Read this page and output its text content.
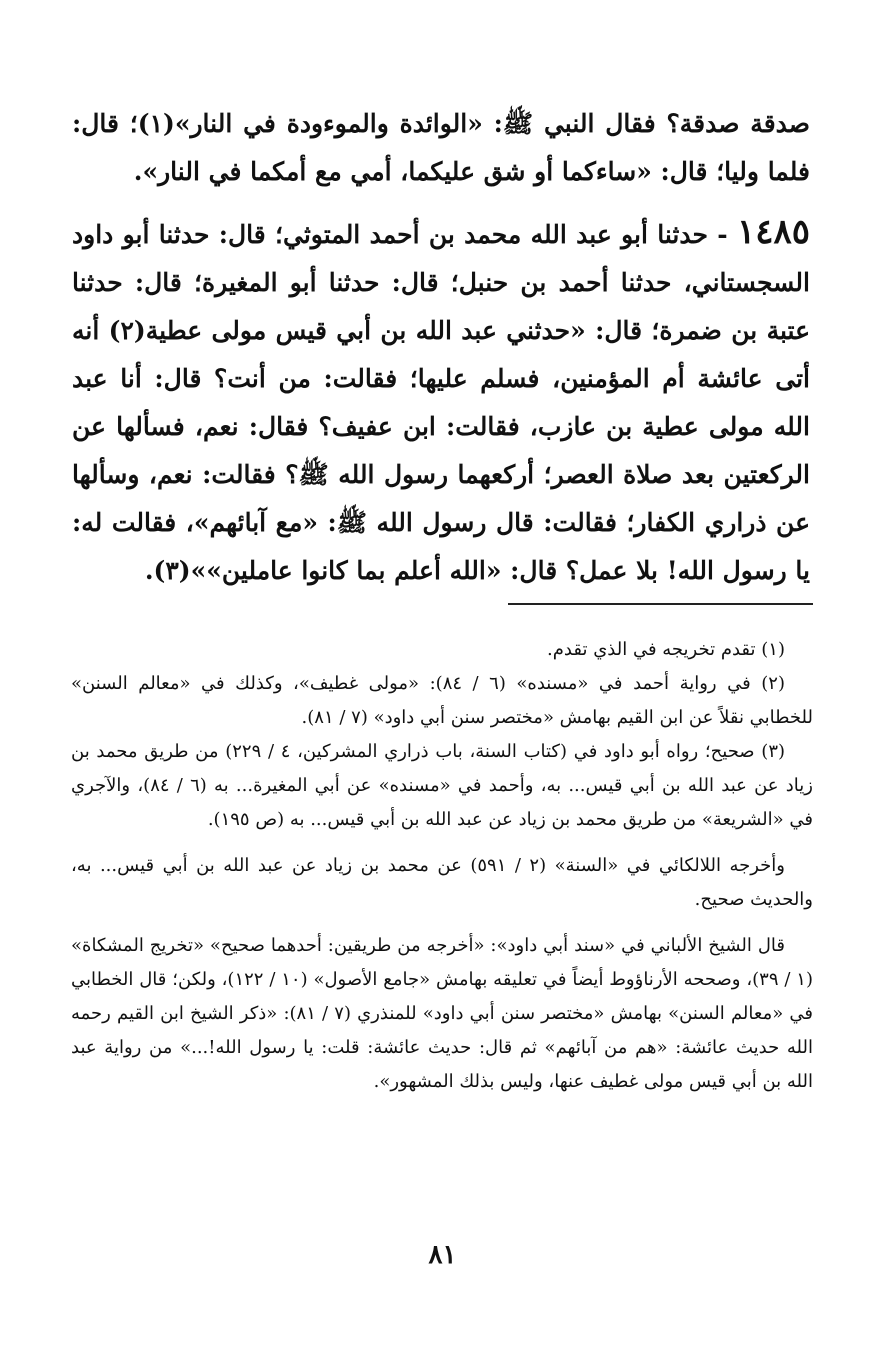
صدقة صدقة؟ فقال النبي ﷺ: «الوائدة والموءودة في النار»(١)؛ قال: فلما وليا؛ قال: «ساءكما أو شق عليكما، أمي مع أمكما في النار».

١٤٨٥ - حدثنا أبو عبد الله محمد بن أحمد المتوثي؛ قال: حدثنا أبو داود السجستاني، حدثنا أحمد بن حنبل؛ قال: حدثنا أبو المغيرة؛ قال: حدثنا عتبة بن ضمرة؛ قال: «حدثني عبد الله بن أبي قيس مولى عطية(٢) أنه أتى عائشة أم المؤمنين، فسلم عليها؛ فقالت: من أنت؟ قال: أنا عبد الله مولى عطية بن عازب، فقالت: ابن عفيف؟ فقال: نعم، فسألها عن الركعتين بعد صلاة العصر؛ أركعهما رسول الله ﷺ؟ فقالت: نعم، وسألها عن ذراري الكفار؛ فقالت: قال رسول الله ﷺ: «مع آبائهم»، فقالت له: يا رسول الله! بلا عمل؟ قال: «الله أعلم بما كانوا عاملين»»(٣).

(١) تقدم تخريجه في الذي تقدم.

(٢) في رواية أحمد في «مسنده» (٦ / ٨٤): «مولى غطيف»، وكذلك في «معالم السنن» للخطابي نقلاً عن ابن القيم بهامش «مختصر سنن أبي داود» (٧ / ٨١).

(٣) صحيح؛ رواه أبو داود في (كتاب السنة، باب ذراري المشركين، ٤ / ٢٢٩) من طريق محمد بن زياد عن عبد الله بن أبي قيس... به، وأحمد في «مسنده» عن أبي المغيرة... به (٦ / ٨٤)، والآجري في «الشريعة» من طريق محمد بن زياد عن عبد الله بن أبي قيس... به (ص ١٩٥).

وأخرجه اللالكائي في «السنة» (٢ / ٥٩١) عن محمد بن زياد عن عبد الله بن أبي قيس... به، والحديث صحيح.

قال الشيخ الألباني في «سند أبي داود»: «أخرجه من طريقين: أحدهما صحيح» «تخريج المشكاة» (١ / ٣٩)، وصححه الأرناؤوط أيضاً في تعليقه بهامش «جامع الأصول» (١٠ / ١٢٢)، ولكن؛ قال الخطابي في «معالم السنن» بهامش «مختصر سنن أبي داود» للمنذري (٧ / ٨١): «ذكر الشيخ ابن القيم رحمه الله حديث عائشة: «هم من آبائهم» ثم قال: حديث عائشة: قلت: يا رسول الله!...» من رواية عبد الله بن أبي قيس مولى غطيف عنها، وليس بذلك المشهور».

٨١
